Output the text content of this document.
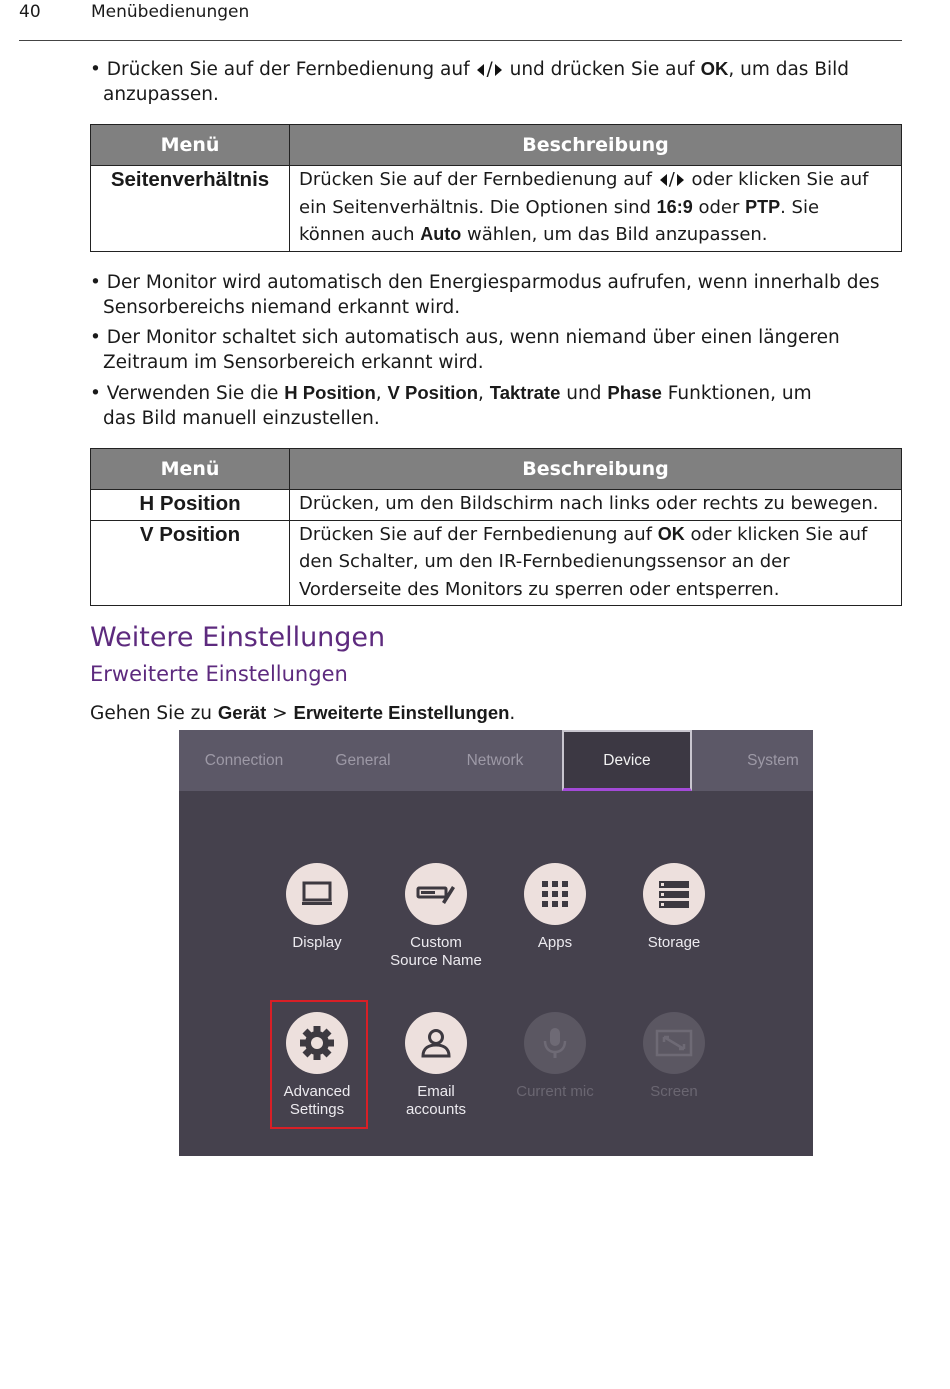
40	Menübedienungen
• Drücken Sie auf der Fernbedienung auf / und drücken Sie auf OK, um das Bild
anzupassen.
Menü	Beschreibung
Seitenverhältnis	Drücken Sie auf der Fernbedienung auf / oder klicken Sie auf
ein Seitenverhältnis. Die Optionen sind 16:9 oder PTP. Sie
können auch Auto wählen, um das Bild anzupassen.
• Der Monitor wird automatisch den Energiesparmodus aufrufen, wenn innerhalb des
Sensorbereichs niemand erkannt wird.
• Der Monitor schaltet sich automatisch aus, wenn niemand über einen längeren
Zeitraum im Sensorbereich erkannt wird.
• Verwenden Sie die H Position, V Position, Taktrate und Phase Funktionen, um
das Bild manuell einzustellen.
Menü	Beschreibung
H Position	Drücken, um den Bildschirm nach links oder rechts zu bewegen.
V Position	Drücken Sie auf der Fernbedienung auf OK oder klicken Sie auf
den Schalter, um den IR-Fernbedienungssensor an der
Vorderseite des Monitors zu sperren oder entsperren.
Weitere Einstellungen
Erweiterte Einstellungen
Gehen Sie zu Gerät > Erweiterte Einstellungen.
Connection	General	Network	Device	System
Display	Custom
Source Name
Apps	Storage
Advanced
Settings
Email
accounts
Current mic	Screen
